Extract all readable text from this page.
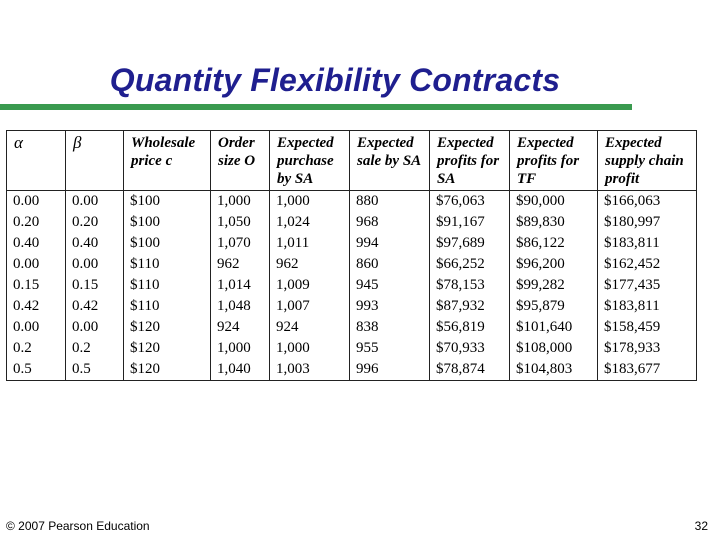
Quantity Flexibility Contracts
α	β	Wholesale price c	Order size O	Expected purchase by SA	Expected sale by SA	Expected profits for SA	Expected profits for TF	Expected supply chain profit
0.00	0.00	$100	1,000	1,000	880	$76,063	$90,000	$166,063
0.20	0.20	$100	1,050	1,024	968	$91,167	$89,830	$180,997
0.40	0.40	$100	1,070	1,011	994	$97,689	$86,122	$183,811
0.00	0.00	$110	962	962	860	$66,252	$96,200	$162,452
0.15	0.15	$110	1,014	1,009	945	$78,153	$99,282	$177,435
0.42	0.42	$110	1,048	1,007	993	$87,932	$95,879	$183,811
0.00	0.00	$120	924	924	838	$56,819	$101,640	$158,459
0.2	0.2	$120	1,000	1,000	955	$70,933	$108,000	$178,933
0.5	0.5	$120	1,040	1,003	996	$78,874	$104,803	$183,677
© 2007 Pearson Education	32
